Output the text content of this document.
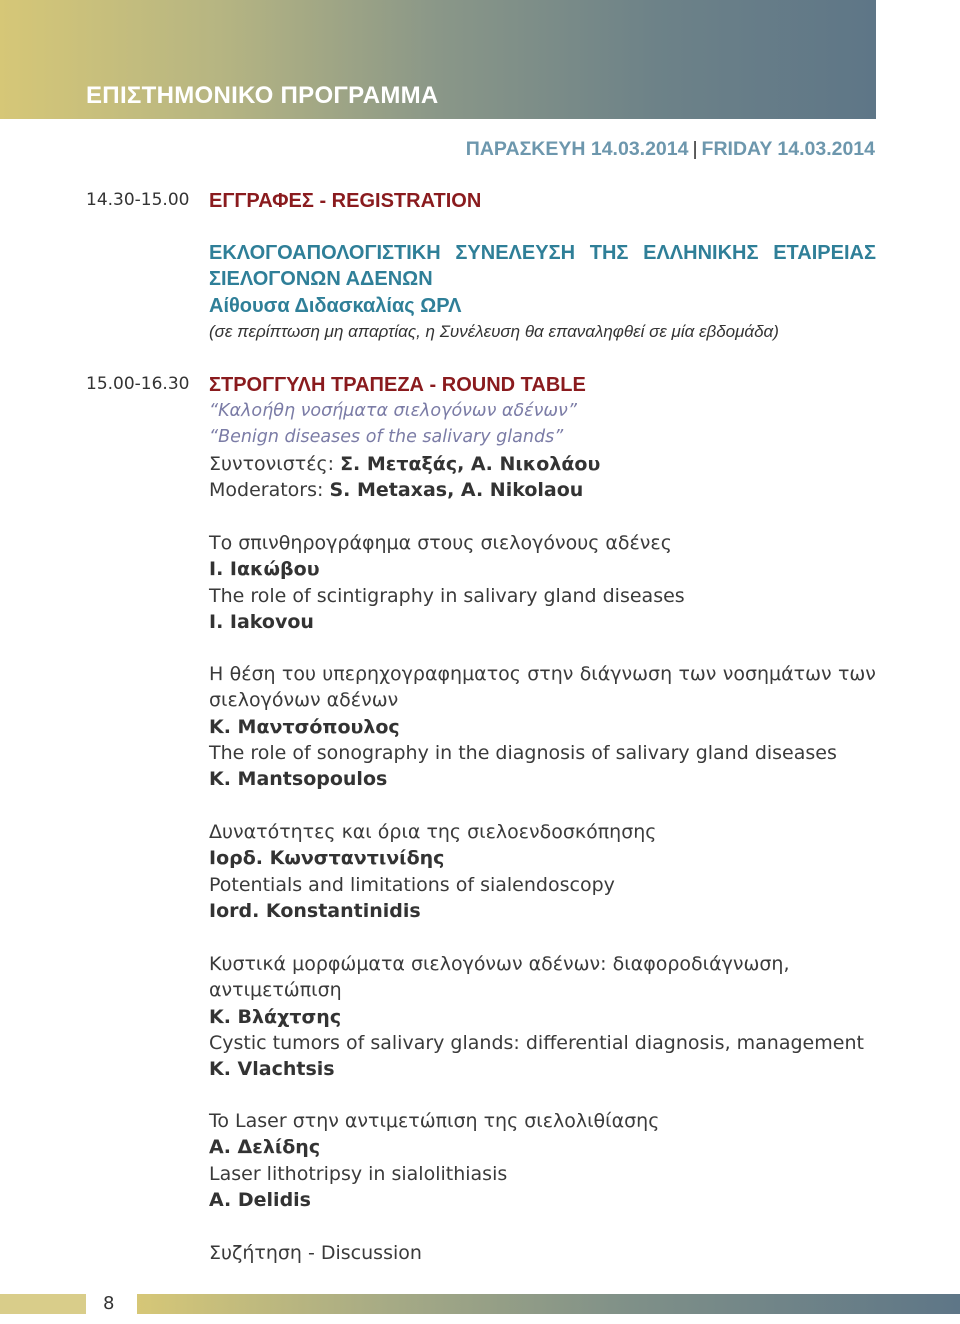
ΕΠΙΣΤΗΜΟΝΙΚΟ ΠΡΟΓΡΑΜΜΑ
ΠΑΡΑΣΚΕΥΗ 14.03.2014 | FRIDAY 14.03.2014
14.30-15.00 ΕΓΓΡΑΦΕΣ - REGISTRATION
ΕΚΛΟΓΟΑΠΟΛΟΓΙΣΤΙΚΗ ΣΥΝΕΛΕΥΣΗ ΤΗΣ ΕΛΛΗΝΙΚΗΣ ΕΤΑΙΡΕΙΑΣ
ΣΙΕΛΟΓΟΝΩΝ ΑΔΕΝΩΝ
Αίθουσα Διδασκαλίας ΩΡΛ
(σε περίπτωση μη απαρτίας, η Συνέλευση θα επαναληφθεί σε μία εβδομάδα)
15.00-16.30 ΣΤΡΟΓΓΥΛΗ ΤΡΑΠΕΖΑ - ROUND TABLE
“Καλοήθη νοσήματα σιελογόνων αδένων”
“Benign diseases of the salivary glands”
Συντονιστές: Σ. Μεταξάς, Α. Νικολάου
Moderators: S. Metaxas, A. Nikolaou
Το σπινθηρογράφημα στους σιελογόνους αδένες
Ι. Ιακώβου
The role of scintigraphy in salivary gland diseases
I. Iakovou
Η θέση του υπερηχογραφηματος στην διάγνωση των νοσημάτων των
σιελογόνων αδένων
Κ. Μαντσόπουλος
The role of sonography in the diagnosis of salivary gland diseases
K. Mantsopoulos
Δυνατότητες και όρια της σιελοενδοσκόπησης
Ιορδ. Κωνσταντινίδης
Potentials and limitations of sialendoscopy
Iord. Konstantinidis
Κυστικά μορφώματα σιελογόνων αδένων: διαφοροδιάγνωση,
αντιμετώπιση
Κ. Βλάχτσης
Cystic tumors of salivary glands: differential diagnosis, management
K. Vlachtsis
To Laser στην αντιμετώπιση της σιελολιθίασης
Α. Δελίδης
Laser lithotripsy in sialolithiasis
A. Delidis
Συζήτηση - Discussion
8
